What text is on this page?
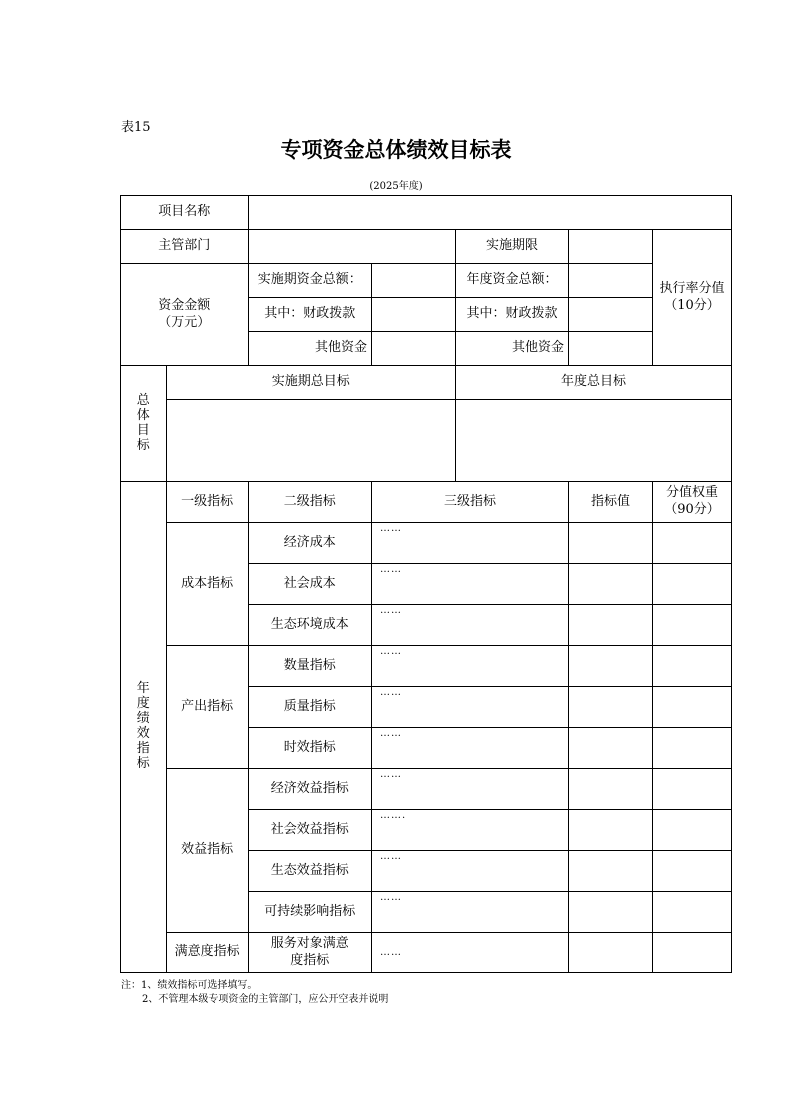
表15
专项资金总体绩效目标表
(2025年度)
项目名称						
主管部门				实施期限		执行率分值（10分）
资金金额（万元）		实施期资金总额：		年度资金总额：		
		其中：财政拨款		其中：财政拨款		
		其他资金		其他资金		
总体目标	实施期总目标			年度总目标		

年度绩效指标	一级指标	二级指标	三级指标		指标值	分值权重（90分）
	成本指标	经济成本	……			
		社会成本	……			
		生态环境成本	……			
	产出指标	数量指标	……			
		质量指标	……			
		时效指标	……			
	效益指标	经济效益指标	……			
		社会效益指标	…….			
		生态效益指标	……			
		可持续影响指标	……			
	满意度指标	服务对象满意度指标	……			
注：1、绩效指标可选择填写。
2、不管理本级专项资金的主管部门，应公开空表并说明
